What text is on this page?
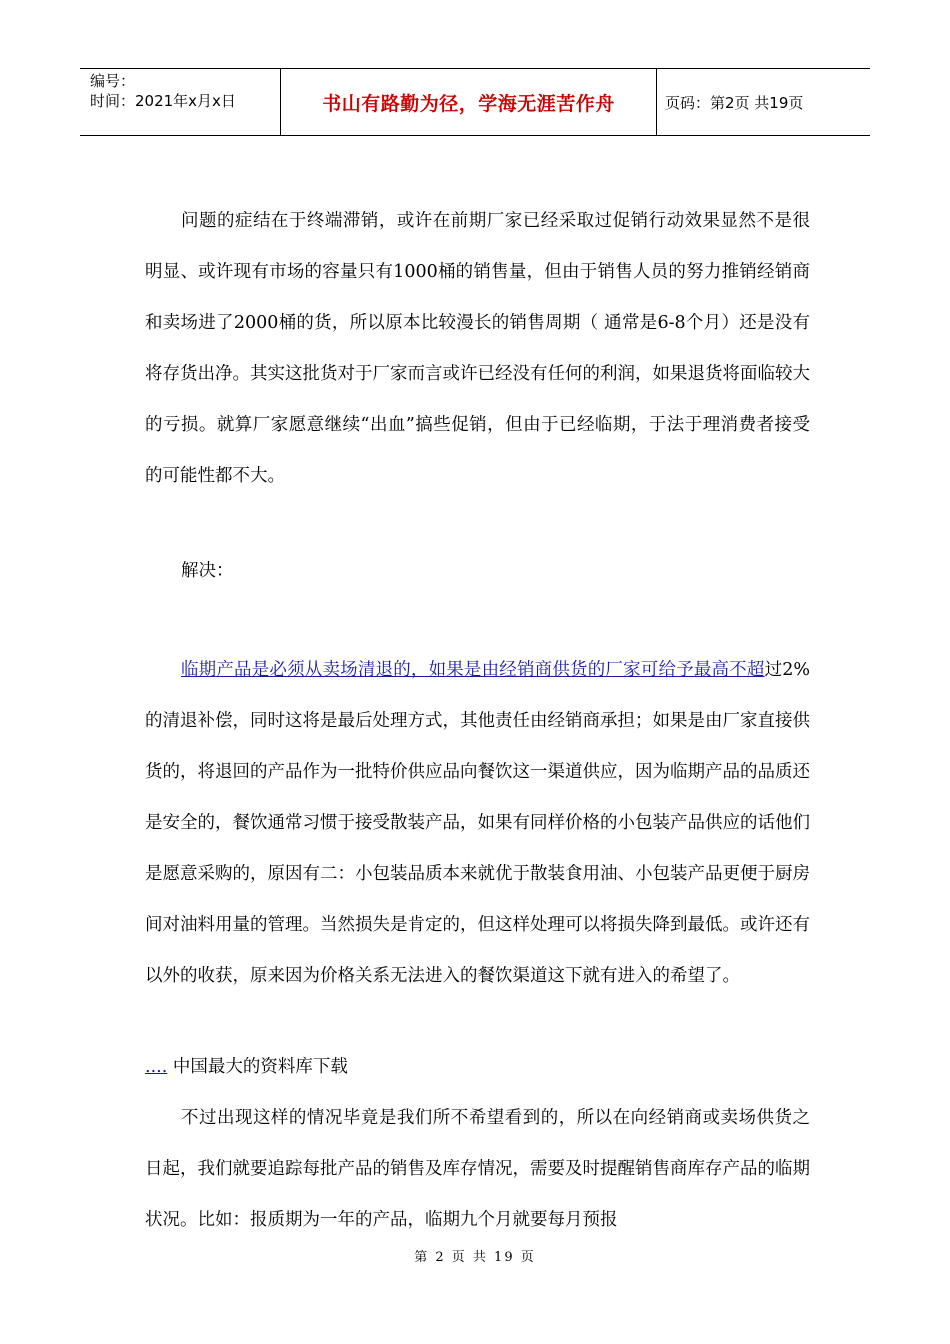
编号：
时间：2021年x月x日	书山有路勤为径，学海无涯苦作舟	页码：第2页 共19页

问题的症结在于终端滞销，或许在前期厂家已经采取过促销行动效果显然不是很明显、或许现有市场的容量只有1000桶的销售量，但由于销售人员的努力推销经销商和卖场进了2000桶的货，所以原本比较漫长的销售周期（ 通常是6-8个月）还是没有将存货出净。其实这批货对于厂家而言或许已经没有任何的利润，如果退货将面临较大的亏损。就算厂家愿意继续“出血”搞些促销，但由于已经临期，于法于理消费者接受的可能性都不大。

解决：

临期产品是必须从卖场清退的，如果是由经销商供货的厂家可给予最高不超过2%的清退补偿，同时这将是最后处理方式，其他责任由经销商承担；如果是由厂家直接供货的，将退回的产品作为一批特价供应品向餐饮这一渠道供应，因为临期产品的品质还是安全的，餐饮通常习惯于接受散装产品，如果有同样价格的小包装产品供应的话他们是愿意采购的，原因有二：小包装品质本来就优于散装食用油、小包装产品更便于厨房间对油料用量的管理。当然损失是肯定的，但这样处理可以将损失降到最低。或许还有以外的收获，原来因为价格关系无法进入的餐饮渠道这下就有进入的希望了。

.... 中国最大的资料库下载

不过出现这样的情况毕竟是我们所不希望看到的，所以在向经销商或卖场供货之日起，我们就要追踪每批产品的销售及库存情况，需要及时提醒销售商库存产品的临期状况。比如：报质期为一年的产品，临期九个月就要每月预报

第 2 页 共 19 页
